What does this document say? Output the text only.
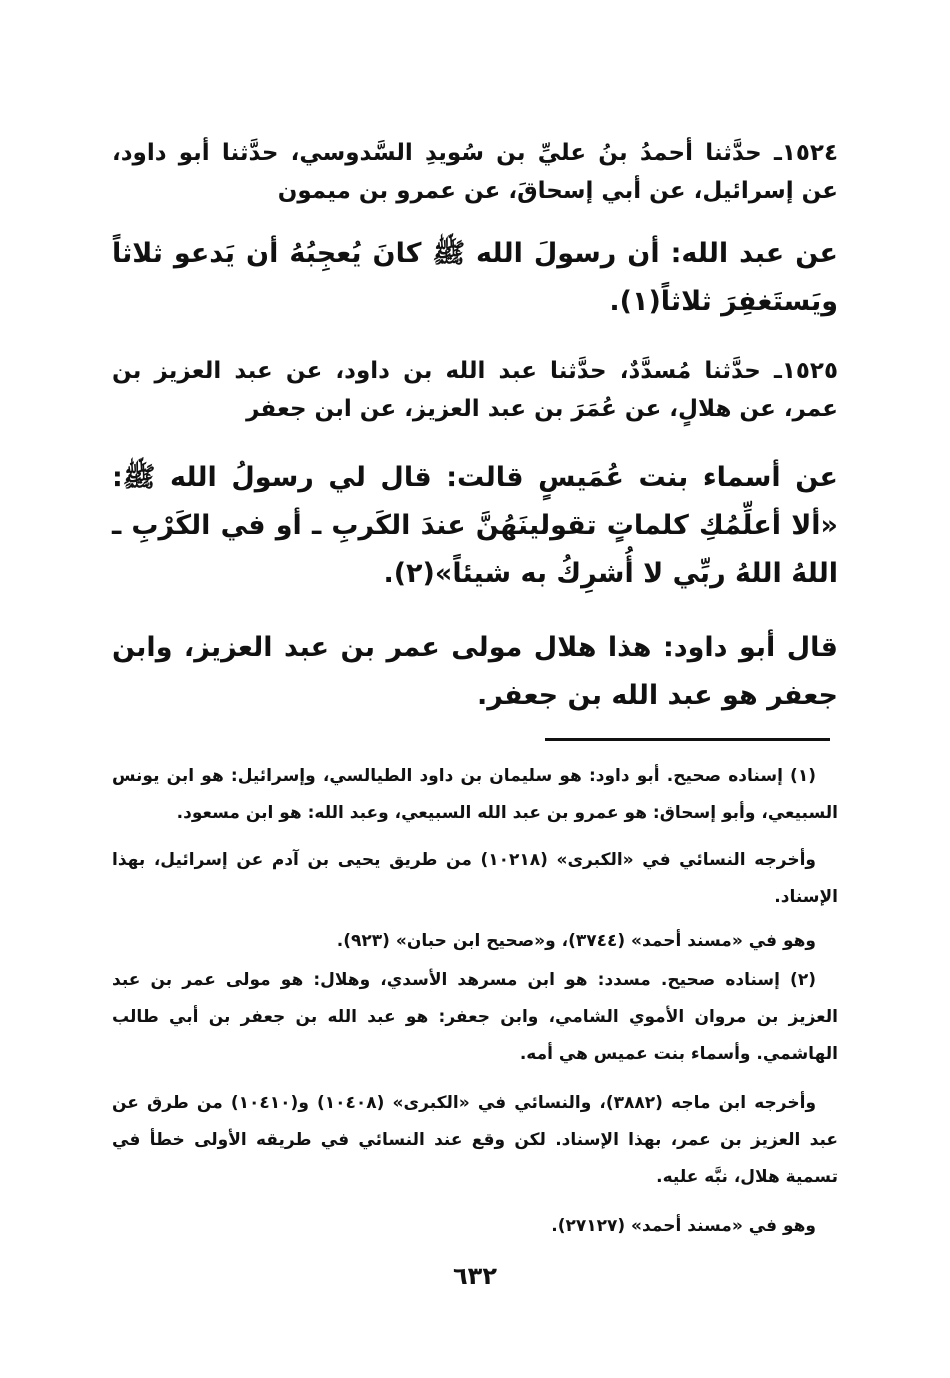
١٥٢٤ـ حدَّثنا أحمدُ بنُ عليِّ بن سُويدِ السَّدوسي، حدَّثنا أبو داود، عن إسرائيل، عن أبي إسحاقَ، عن عمرو بن ميمون
عن عبد الله: أن رسولَ الله ﷺ كانَ يُعجِبُهُ أن يَدعو ثلاثاً ويَستَغفِرَ ثلاثاً(١).
١٥٢٥ـ حدَّثنا مُسدَّدٌ، حدَّثنا عبد الله بن داود، عن عبد العزيز بن عمر، عن هلالٍ، عن عُمَرَ بن عبد العزيز، عن ابن جعفر
عن أسماء بنت عُمَيسٍ قالت: قال لي رسولُ الله ﷺ: «ألا أعلِّمُكِ كلماتٍ تقولينَهُنَّ عندَ الكَربِ ـ أو في الكَرْبِ ـ اللهُ اللهُ ربِّي لا أُشرِكُ به شيئاً»(٢).
قال أبو داود: هذا هلال مولى عمر بن عبد العزيز، وابن جعفر هو عبد الله بن جعفر.
(١) إسناده صحيح. أبو داود: هو سليمان بن داود الطيالسي، وإسرائيل: هو ابن يونس السبيعي، وأبو إسحاق: هو عمرو بن عبد الله السبيعي، وعبد الله: هو ابن مسعود.
وأخرجه النسائي في «الكبرى» (١٠٢١٨) من طريق يحيى بن آدم عن إسرائيل، بهذا الإسناد.
وهو في «مسند أحمد» (٣٧٤٤)، و«صحيح ابن حبان» (٩٢٣).
(٢) إسناده صحيح. مسدد: هو ابن مسرهد الأسدي، وهلال: هو مولى عمر بن عبد العزيز بن مروان الأموي الشامي، وابن جعفر: هو عبد الله بن جعفر بن أبي طالب الهاشمي. وأسماء بنت عميس هي أمه.
وأخرجه ابن ماجه (٣٨٨٢)، والنسائي في «الكبرى» (١٠٤٠٨) و(١٠٤١٠) من طرق عن عبد العزيز بن عمر، بهذا الإسناد. لكن وقع عند النسائي في طريقه الأولى خطأ في تسمية هلال، نبَّه عليه.
وهو في «مسند أحمد» (٢٧١٢٧).
٦٣٢
